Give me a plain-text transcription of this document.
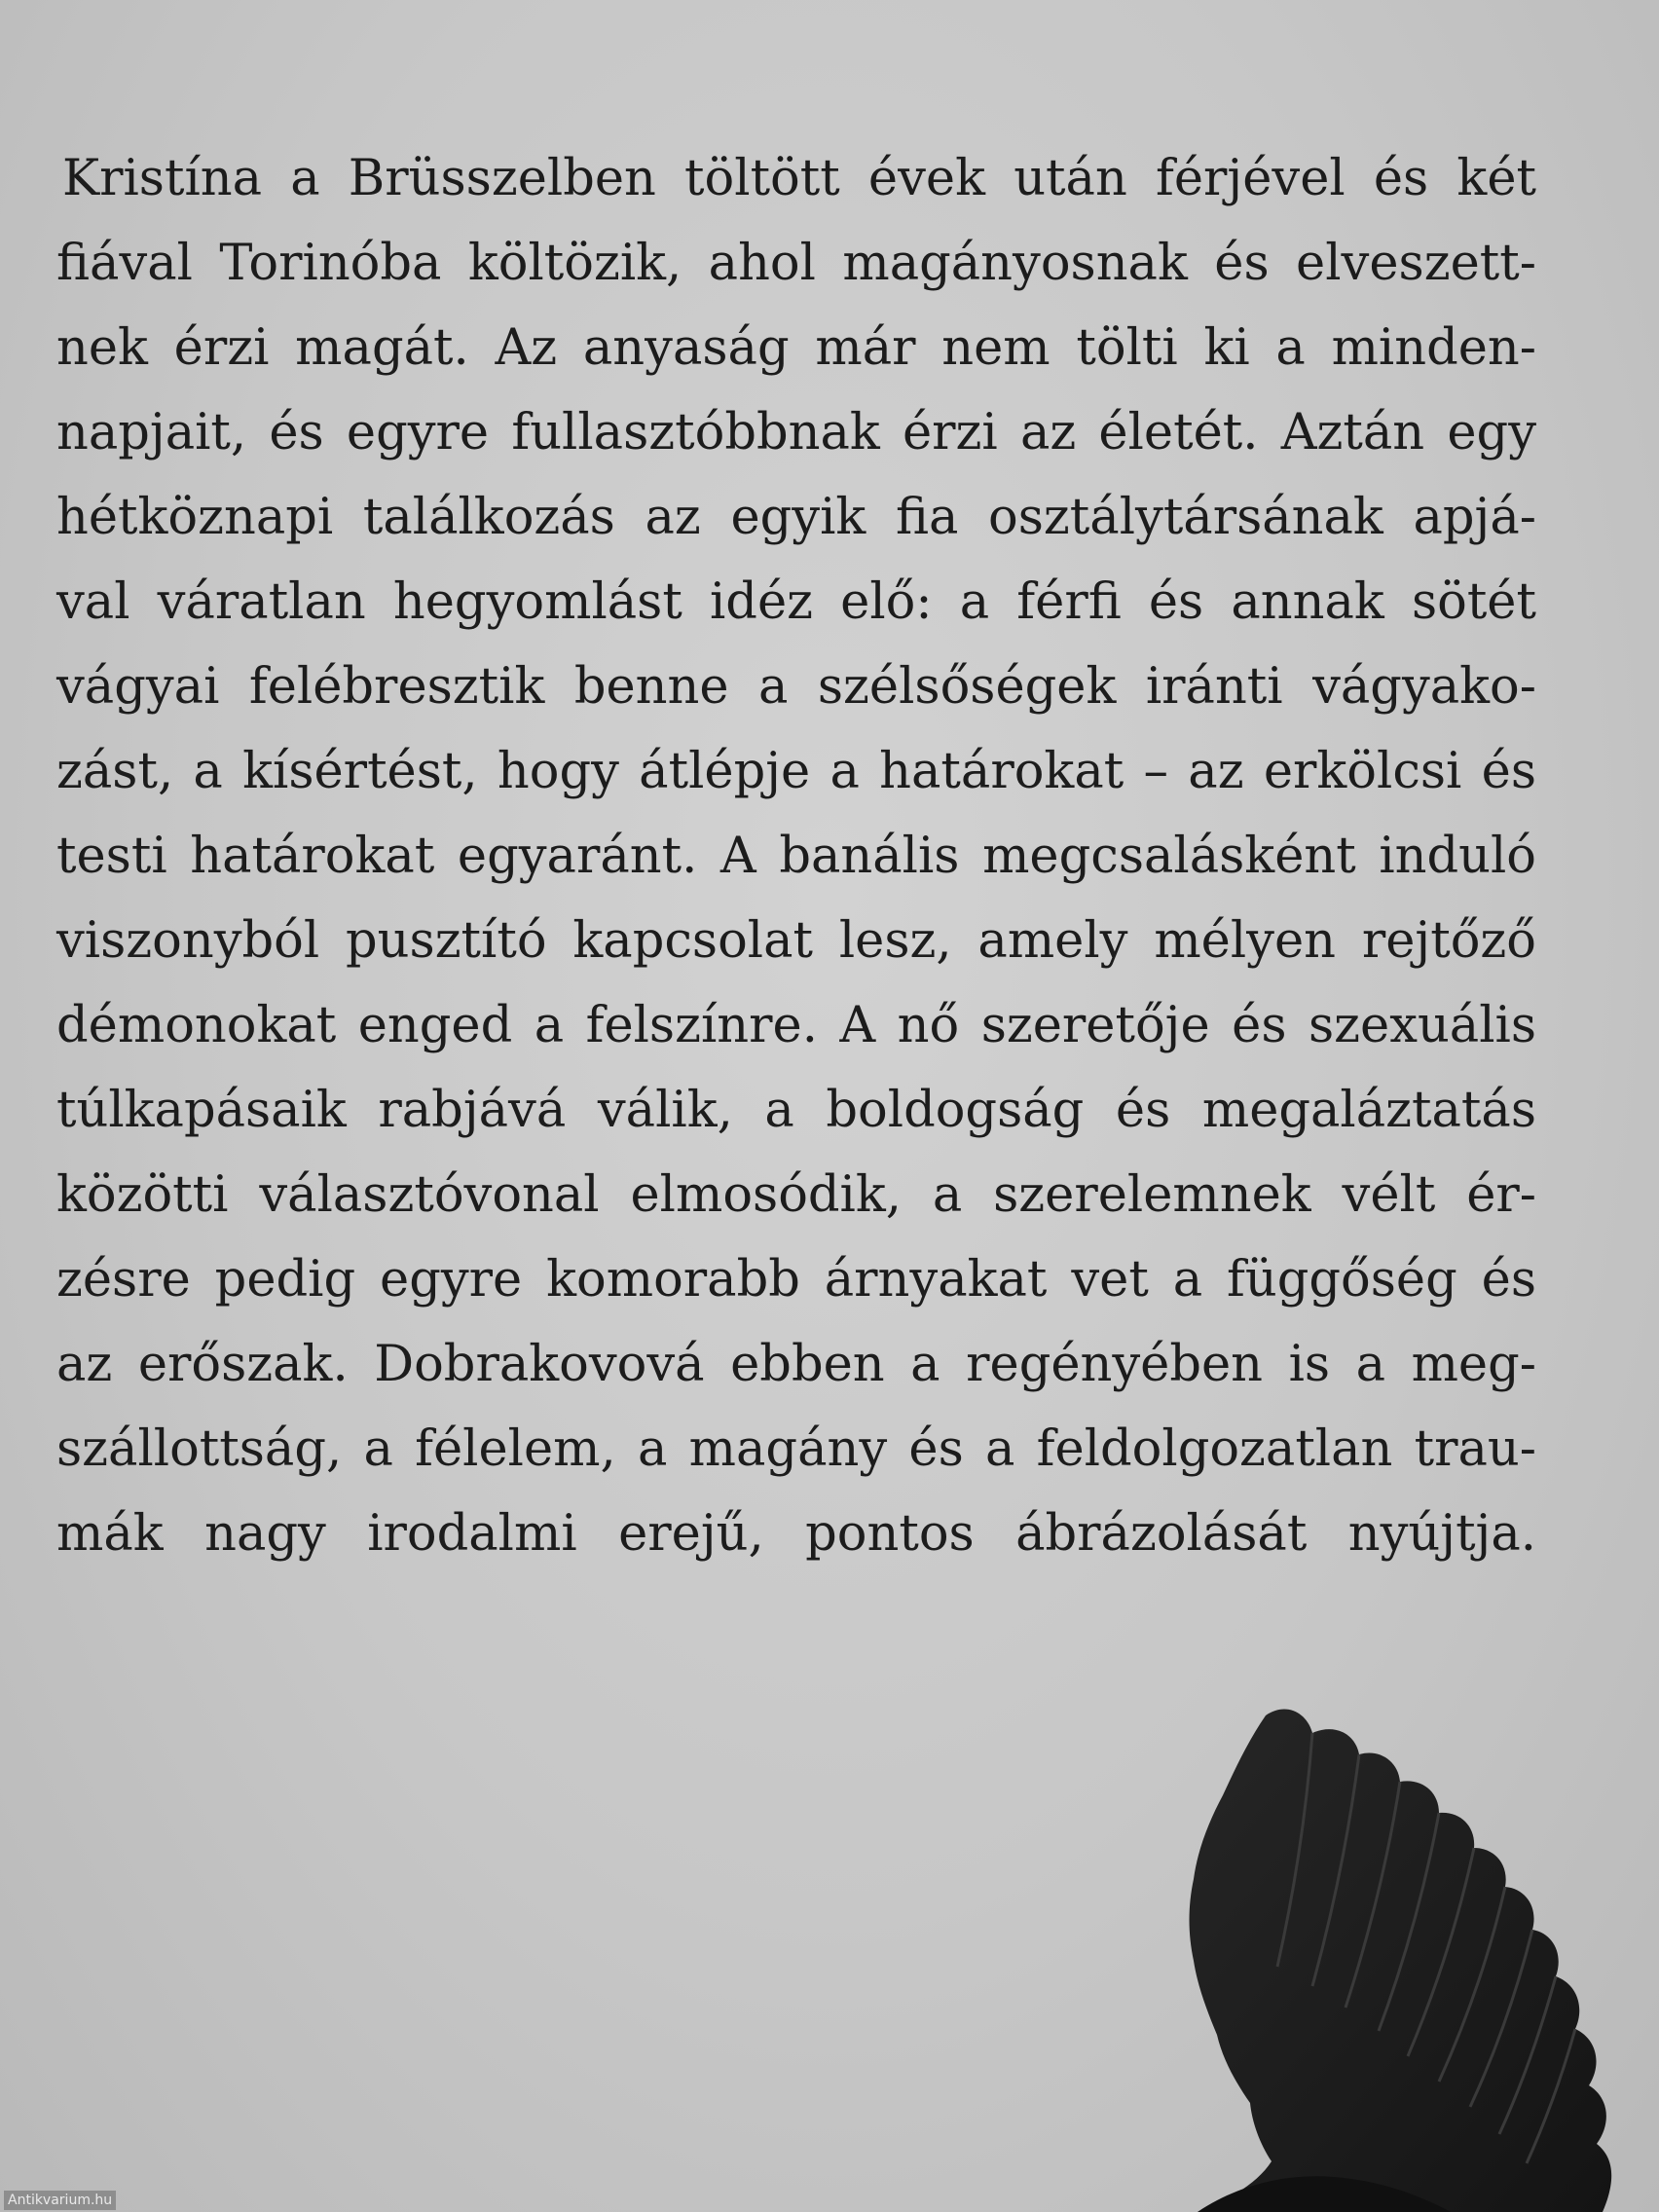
Kristína a Brüsszelben töltött évek után férjével és két
fiával Torinóba költözik, ahol magányosnak és elveszett-
nek érzi magát. Az anyaság már nem tölti ki a minden-
napjait, és egyre fullasztóbbnak érzi az életét. Aztán egy
hétköznapi találkozás az egyik fia osztálytársának apjá-
val váratlan hegyomlást idéz elő: a férfi és annak sötét
vágyai felébresztik benne a szélsőségek iránti vágyako-
zást, a kísértést, hogy átlépje a határokat – az erkölcsi és
testi határokat egyaránt. A banális megcsalásként induló
viszonyból pusztító kapcsolat lesz, amely mélyen rejtőző
démonokat enged a felszínre. A nő szeretője és szexuális
túlkapásaik rabjává válik, a boldogság és megaláztatás
közötti választóvonal elmosódik, a szerelemnek vélt ér-
zésre pedig egyre komorabb árnyakat vet a függőség és
az erőszak. Dobrakovová ebben a regényében is a meg-
szállottság, a félelem, a magány és a feldolgozatlan trau-
mák nagy irodalmi erejű, pontos ábrázolását nyújtja.
Antikvarium.hu
